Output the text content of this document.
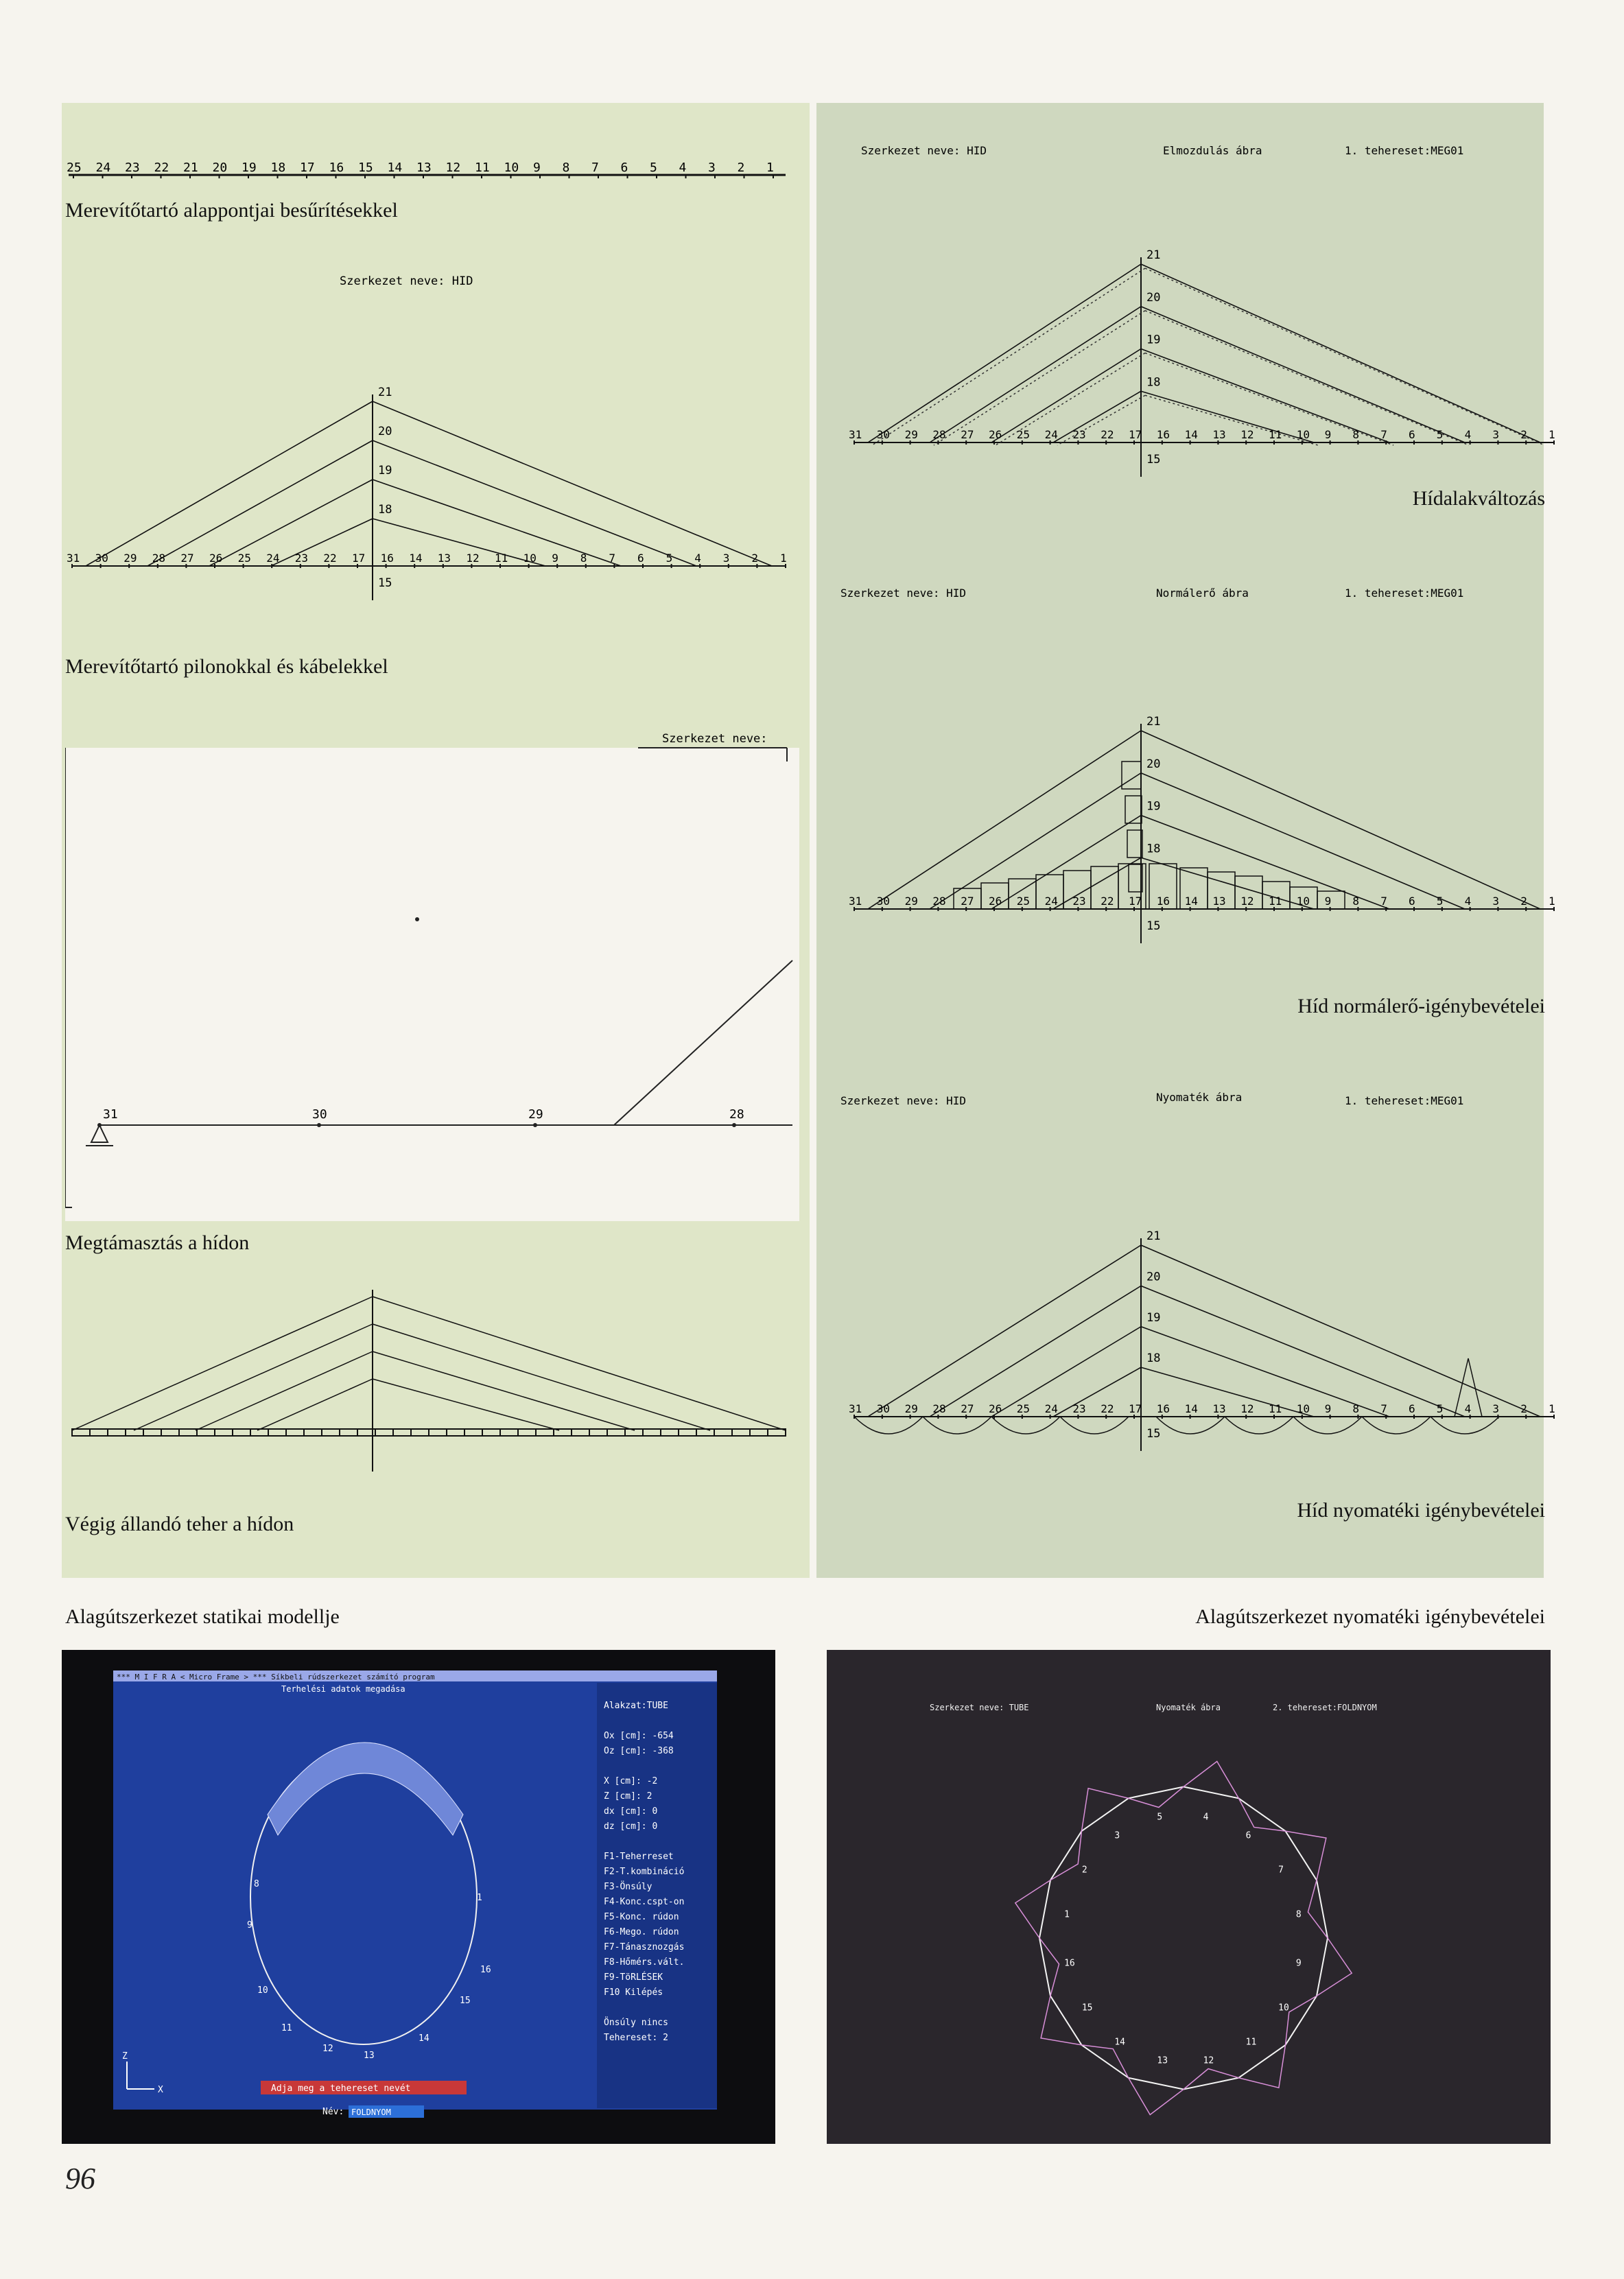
25 24 23 22 21 20 19 18 17 16 15 14 13 12 11 10 9 8 7 6 5 4 3 2 1
Merevítőtartó alappontjai besűrítésekkel
Szerkezet neve: HID
21
20
19
18
31 30 29 28 27 26 25 24 23 22 17 16 14 13 12 11 10 9 8 7 6 5 4 3 2 1
15
Merevítőtartó pilonokkal és kábelekkel
Szerkezet neve:
31	30	29	28
Megtámasztás a hídon
Végig állandó teher a hídon
Alagútszerkezet statikai modellje
*** M I F R A < Micro Frame > *** Síkbeli rúdszerkezet számító program
Terhelési adatok megadása
Alakzat:TUBE
Ox [cm]: -654
Oz [cm]: -368
X [cm]: -2
Z [cm]: 2
dx [cm]: 0
dz [cm]: 0
F1-Teherreset
F2-T.kombináció
F3-Önsúly
F4-Konc.cspt-on
F5-Konc. rúdon
F6-Mego. rúdon
F7-Tánasznozgás
F8-Hőmérs.vált.
F9-TöRLÉSEK
F10 Kilépés
Önsúly nincs
Tehereset: 2
Adja meg a tehereset nevét
Név: FOLDNYOM
Z
X
8
9
10
11
12
13
14
15
16
1
Szerkezet neve: HID	Elmozdulás ábra	1. tehereset:MEG01
21
20
19
18
31 30 29 28 27 26 25 24 23 22 17 16 14 13 12 11 10 9 8 7 6 5 4 3 2 1
15
Hídalakváltozás
Szerkezet neve: HID	Normálerő ábra	1. tehereset:MEG01
21
20
19
18
31 30 29 28 27 26 25 24 23 22 17 16 14 13 12 11 10 9 8 7 6 5 4 3 2 1
15
Híd normálerő-igénybevételei
Szerkezet neve: HID	Nyomaték ábra	1. tehereset:MEG01
21
20
19
18
31 30 29 28 27 26 25 24 23 22 17 16 14 13 12 11 10 9 8 7 6 5 4 3 2 1
15
Híd nyomatéki igénybevételei
Alagútszerkezet nyomatéki igénybevételei
Szerkezet neve: TUBE	Nyomaték ábra	2. tehereset:FOLDNYOM
5	4
6
7
8
9
10
11
12
13
14
15
16
1
2
3
96
